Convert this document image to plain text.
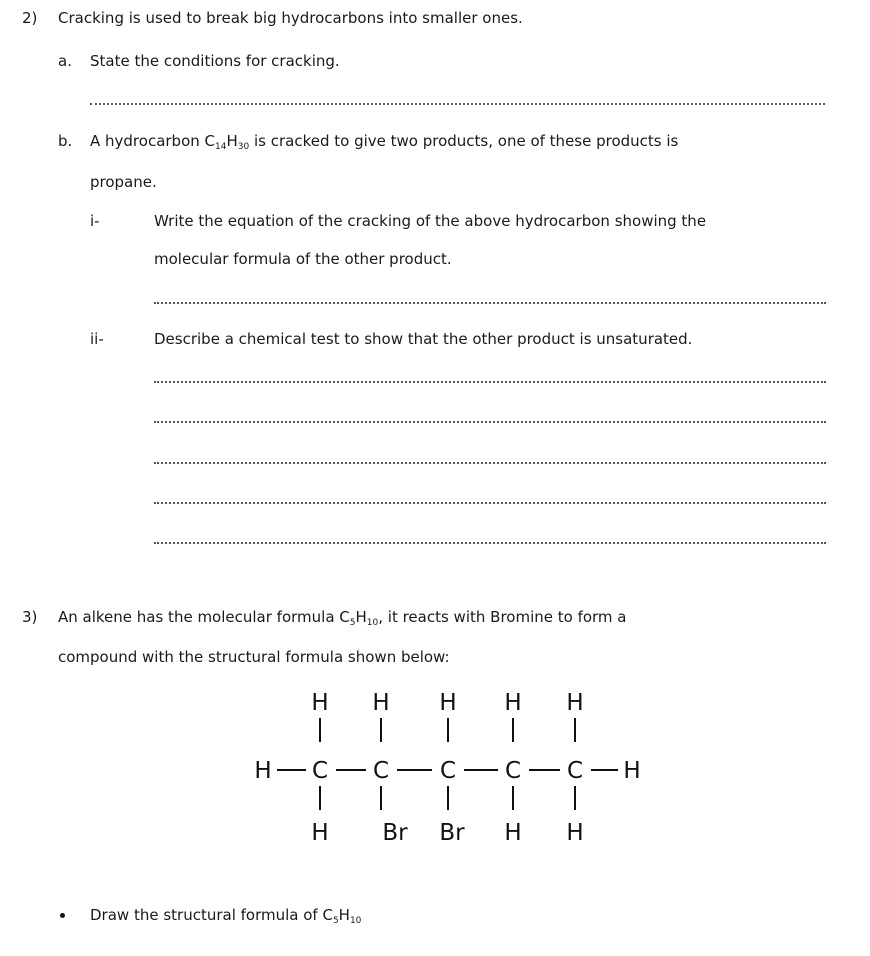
2) Cracking is used to break big hydrocarbons into smaller ones.
a. State the conditions for cracking.
b. A hydrocarbon $C_{14}H_{30}$ is cracked to give two products, one of these products is
propane.
i-	Write the equation of the cracking of the above hydrocarbon showing the
molecular formula of the other product.
ii-	Describe a chemical test to show that the other product is unsaturated.
3) An alkene has the molecular formula $C_5H_{10}$, it reacts with Bromine to form a
compound with the structural formula shown below:
H H H H H
H C C C C C H
H Br Br H H
Draw the structural formula of $C_5H_{10}$
